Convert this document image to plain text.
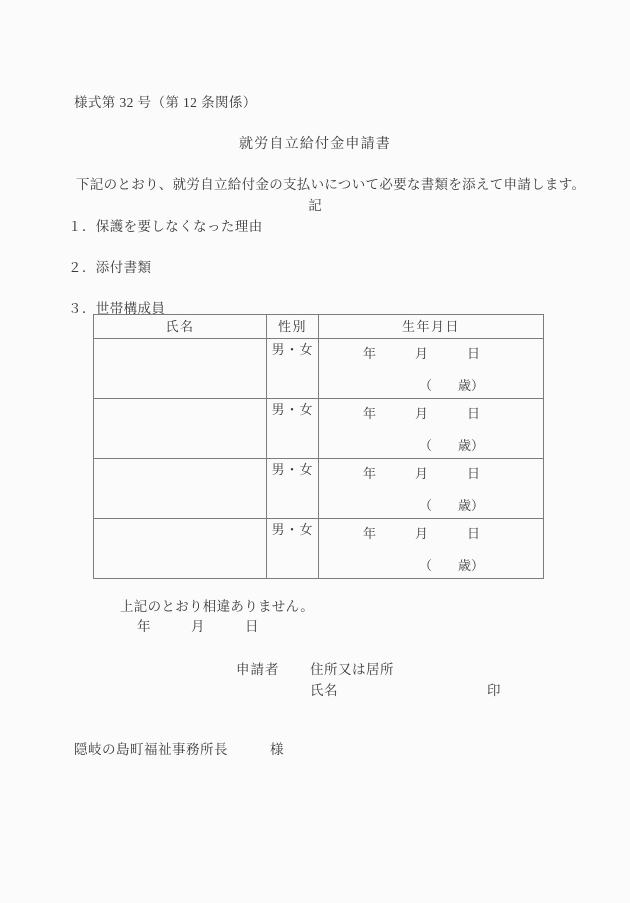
様式第 32 号（第 12 条関係）
就労自立給付金申請書
下記のとおり、就労自立給付金の支払いについて必要な書類を添えて申請します。
記
１．保護を要しなくなった理由
２．添付書類
３．世帯構成員
氏名	性別	生年月日
	男・女	年　　　月　　　日
（　　歳）

	男・女	年　　　月　　　日
（　　歳）

	男・女	年　　　月　　　日
（　　歳）

	男・女	年　　　月　　　日
（　　歳）
上記のとおり相違ありません。
年　　　月　　　日
申請者 住所又は居所
氏名	印
隠岐の島町福祉事務所長　　　様
